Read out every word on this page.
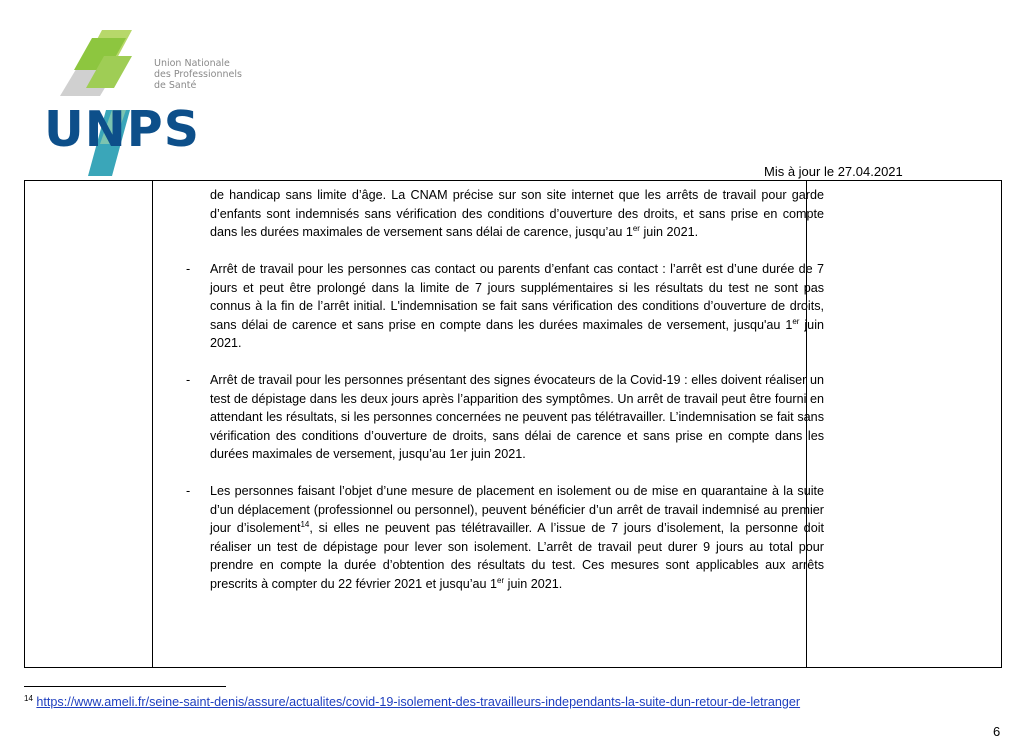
Union Nationale
des Professionnels
de Santé
UNPS
Mis à jour le 27.04.2021

de handicap sans limite d’âge. La CNAM précise sur son site internet que les arrêts de travail pour garde d’enfants sont indemnisés sans vérification des conditions d’ouverture des droits, et sans prise en compte dans les durées maximales de versement sans délai de carence, jusqu’au 1er juin 2021.

- Arrêt de travail pour les personnes cas contact ou parents d’enfant cas contact : l’arrêt est d’une durée de 7 jours et peut être prolongé dans la limite de 7 jours supplémentaires si les résultats du test ne sont pas connus à la fin de l’arrêt initial. L'indemnisation se fait sans vérification des conditions d’ouverture de droits, sans délai de carence et sans prise en compte dans les durées maximales de versement, jusqu'au 1er juin 2021.
- Arrêt de travail pour les personnes présentant des signes évocateurs de la Covid-19 : elles doivent réaliser un test de dépistage dans les deux jours après l’apparition des symptômes. Un arrêt de travail peut être fourni en attendant les résultats, si les personnes concernées ne peuvent pas télétravailler. L’indemnisation se fait sans vérification des conditions d’ouverture de droits, sans délai de carence et sans prise en compte dans les durées maximales de versement, jusqu’au 1er juin 2021.
- Les personnes faisant l’objet d’une mesure de placement en isolement ou de mise en quarantaine à la suite d’un déplacement (professionnel ou personnel), peuvent bénéficier d’un arrêt de travail indemnisé au premier jour d’isolement$^{14}$, si elles ne peuvent pas télétravailler. A l’issue de 7 jours d’isolement, la personne doit réaliser un test de dépistage pour lever son isolement. L’arrêt de travail peut durer 9 jours au total pour prendre en compte la durée d’obtention des résultats du test. Ces mesures sont applicables aux arrêts prescrits à compter du 22 février 2021 et jusqu’au 1er juin 2021.
$^{14}$ https://www.ameli.fr/seine-saint-denis/assure/actualites/covid-19-isolement-des-travailleurs-independants-la-suite-dun-retour-de-letranger
6
